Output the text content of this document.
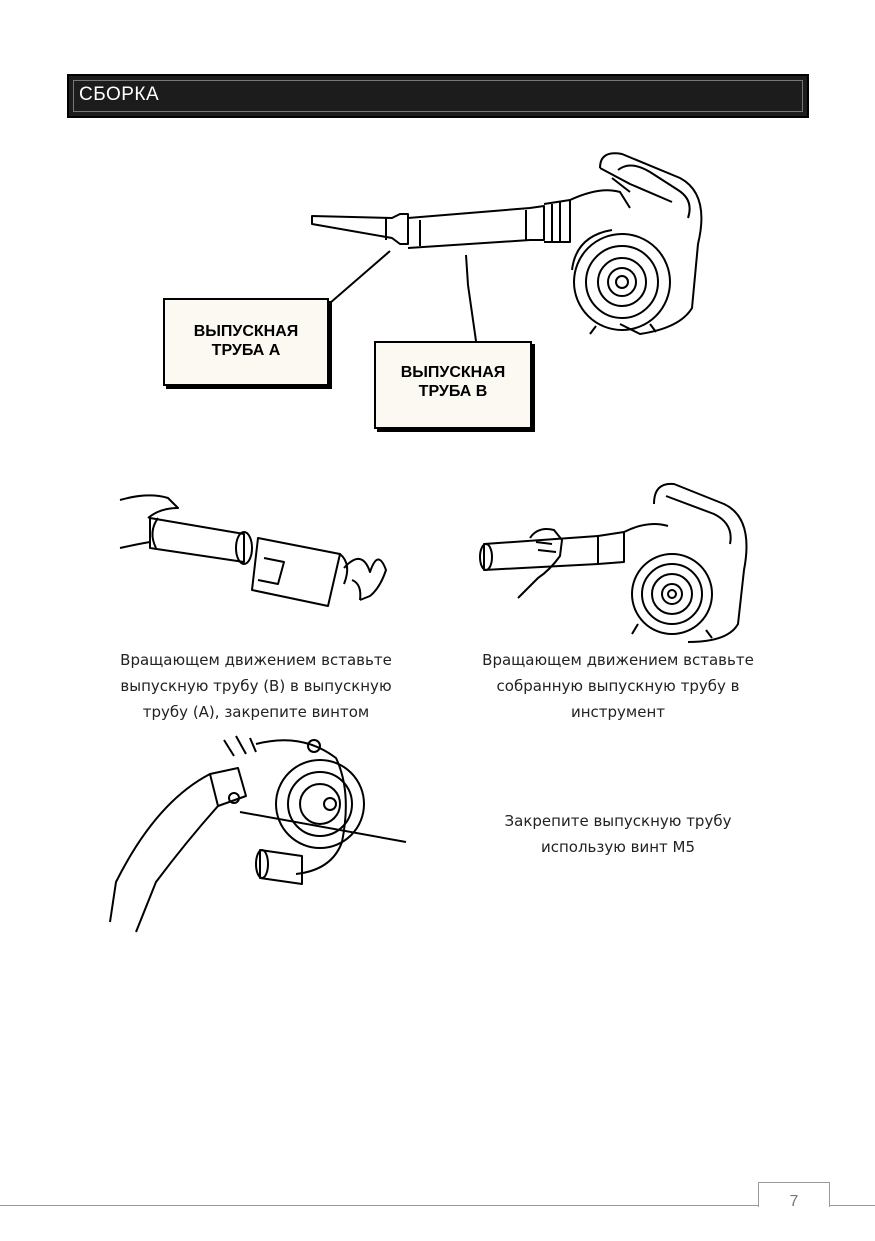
СБОРКА
ВЫПУСКНАЯ
ТРУБА А
ВЫПУСКНАЯ
ТРУБА В
Вращающем движением вставьте выпускную трубу (В) в выпускную трубу (А), закрепите винтом
Вращающем движением вставьте собранную выпускную трубу в инструмент
Закрепите выпускную трубу использую винт М5
7
